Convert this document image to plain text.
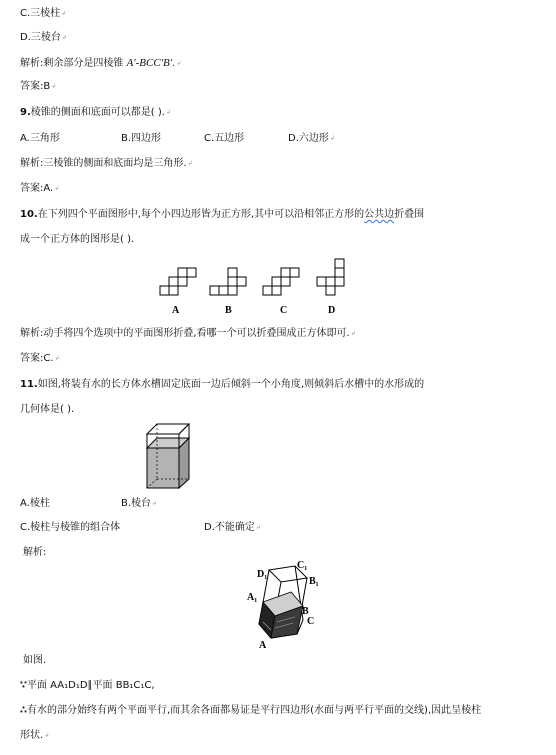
C.三棱柱↲
D.三棱台↲
解析:剩余部分是四棱锥 A'-BCC'B'.↲
答案:B↲
9.棱锥的侧面和底面可以都是( ).↲
A.三角形	B.四边形	C.五边形	D.六边形↲
解析:三棱锥的侧面和底面均是三角形.↲
答案:A.↲
10.在下列四个平面图形中,每个小四边形皆为正方形,其中可以沿相邻正方形的公共边折叠围
成一个正方体的图形是( ).
A	B	C	D
解析:动手将四个选项中的平面图形折叠,看哪一个可以折叠围成正方体即可.↲
答案:C.↲
11.如图,将装有水的长方体水槽固定底面一边后倾斜一个小角度,则倾斜后水槽中的水形成的
几何体是( ).
A.棱柱	B.棱台↲
C.棱柱与棱锥的组合体	D.不能确定↲
解析:
D₁
C₁
A₁
B₁
B
C
A
如图.
∵平面 AA₁D₁D∥平面 BB₁C₁C,
∴有水的部分始终有两个平面平行,而其余各面都易证是平行四边形(水面与两平行平面的交线),因此呈棱柱
形状.↲
